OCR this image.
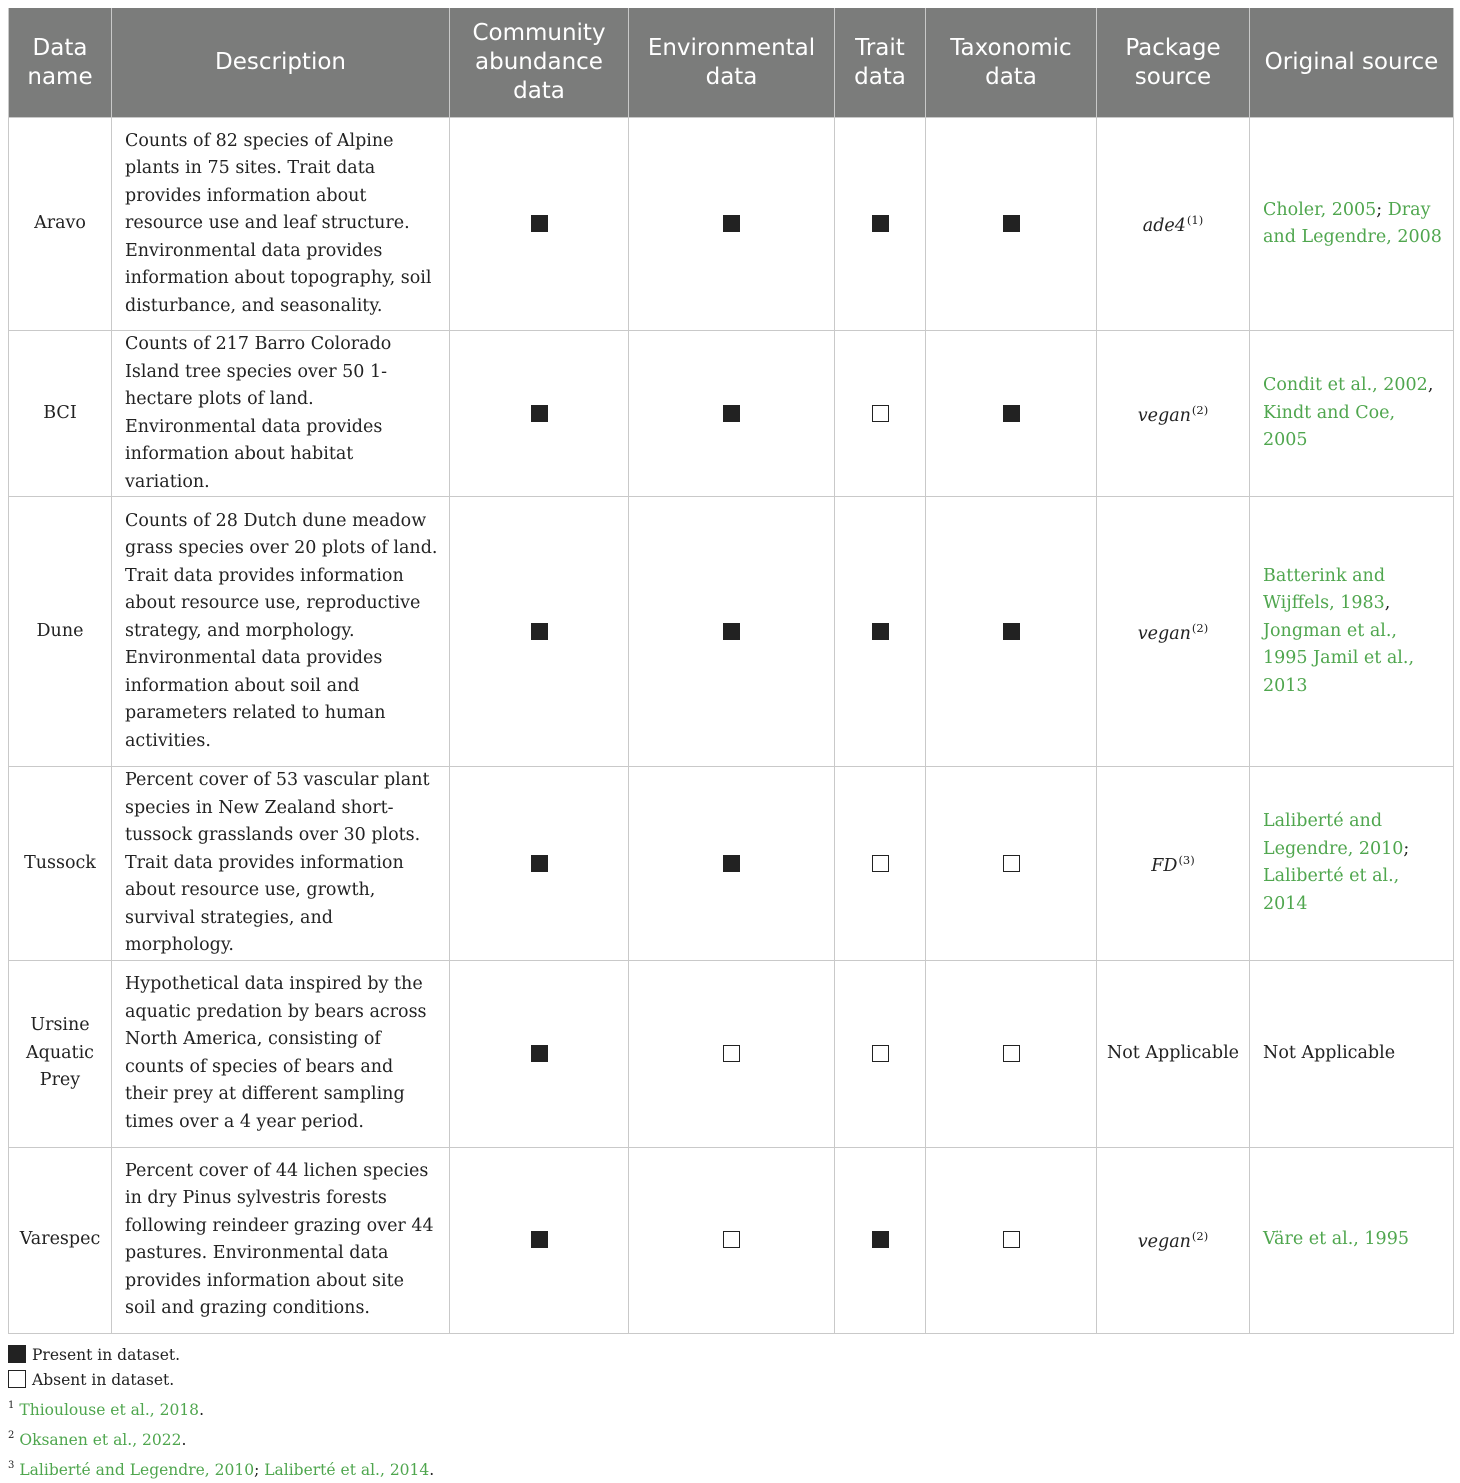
Data name	Description	Community abundance data	Environmental data	Trait data	Taxonomic data	Package source	Original source
Aravo	Counts of 82 species of Alpine plants in 75 sites. Trait data provides information about resource use and leaf structure. Environmental data provides information about topography, soil disturbance, and seasonality.					ade4$^{(1)}$	Choler, 2005; Dray and Legendre, 2008
BCI	Counts of 217 Barro Colorado Island tree species over 50 1-hectare plots of land. Environmental data provides information about habitat variation.					vegan$^{(2)}$	Condit et al., 2002, Kindt and Coe, 2005
Dune	Counts of 28 Dutch dune meadow grass species over 20 plots of land. Trait data provides information about resource use, reproductive strategy, and morphology. Environmental data provides information about soil and parameters related to human activities.					vegan$^{(2)}$	Batterink and Wijffels, 1983, Jongman et al., 1995 Jamil et al., 2013
Tussock	Percent cover of 53 vascular plant species in New Zealand short-tussock grasslands over 30 plots. Trait data provides information about resource use, growth, survival strategies, and morphology.					FD$^{(3)}$	Laliberté and Legendre, 2010; Laliberté et al., 2014
Ursine Aquatic Prey	Hypothetical data inspired by the aquatic predation by bears across North America, consisting of counts of species of bears and their prey at different sampling times over a 4 year period.					Not Applicable	Not Applicable
Varespec	Percent cover of 44 lichen species in dry Pinus sylvestris forests following reindeer grazing over 44 pastures. Environmental data provides information about site soil and grazing conditions.					vegan$^{(2)}$	Väre et al., 1995
Present in dataset.
Absent in dataset.
$^1$ Thioulouse et al., 2018.
$^2$ Oksanen et al., 2022.
$^3$ Laliberté and Legendre, 2010; Laliberté et al., 2014.
